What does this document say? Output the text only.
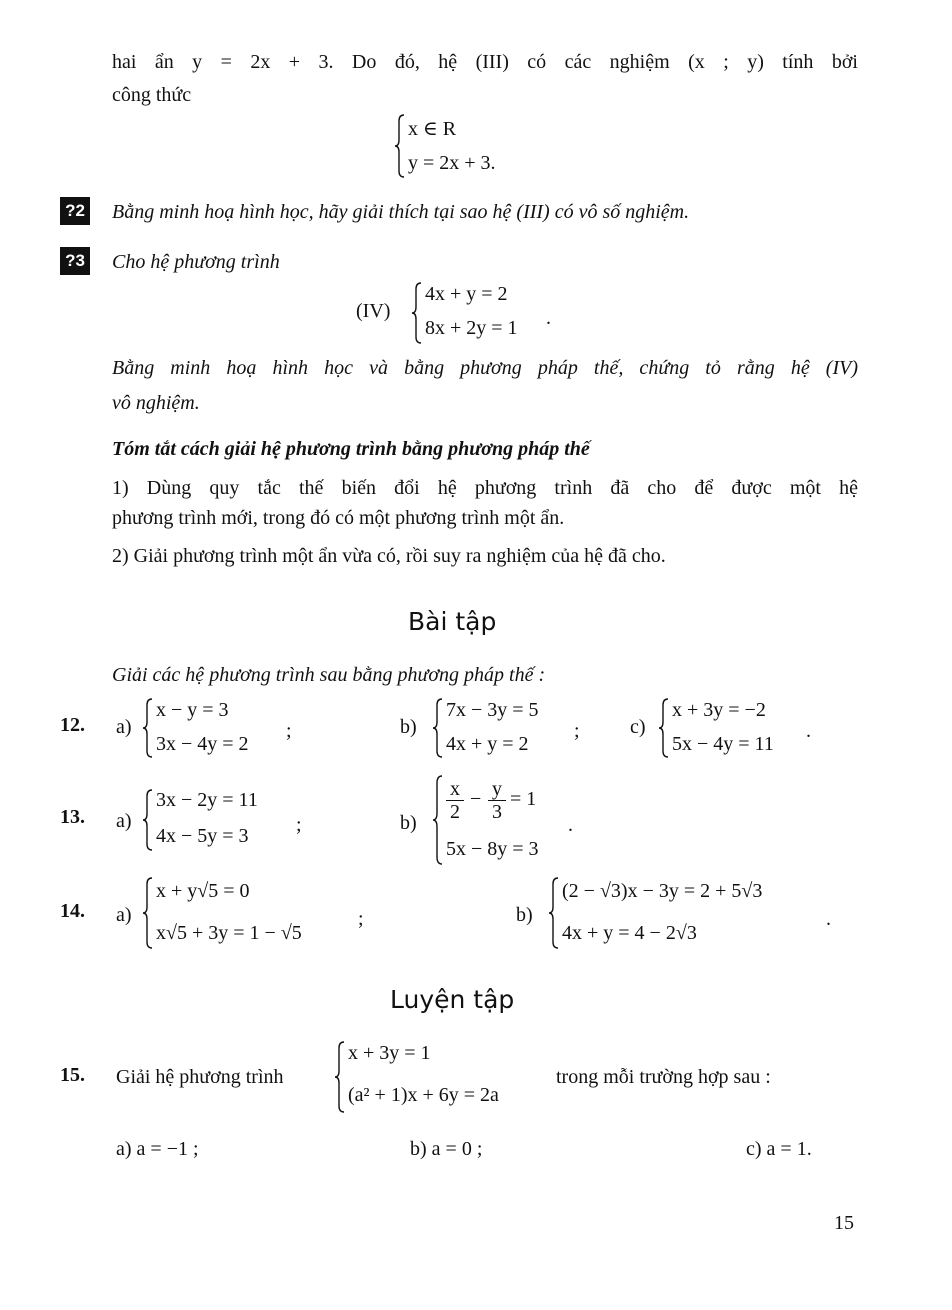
hai ẩn y = 2x + 3. Do đó, hệ (III) có các nghiệm (x ; y) tính bởi
công thức
x ∈ R
y = 2x + 3.
?2 Bằng minh hoạ hình học, hãy giải thích tại sao hệ (III) có vô số nghiệm.
?3 Cho hệ phương trình
(IV)
4x + y = 2
8x + 2y = 1 .
Bằng minh hoạ hình học và bằng phương pháp thế, chứng tỏ rằng hệ (IV)
vô nghiệm.
Tóm tắt cách giải hệ phương trình bằng phương pháp thế
1) Dùng quy tắc thế biến đổi hệ phương trình đã cho để được một hệ
phương trình mới, trong đó có một phương trình một ẩn.
2) Giải phương trình một ẩn vừa có, rồi suy ra nghiệm của hệ đã cho.
Bài tập
Giải các hệ phương trình sau bằng phương pháp thế :
12. a)
x − y = 3
3x − 4y = 2
;	b)
7x − 3y = 5
4x + y = 2
;	c)
x + 3y = −2
5x − 4y = 11
.
13. a)
3x − 2y = 11
4x − 5y = 3 ;	$b) \frac{x}{2} - \frac{y}{3} = 1$
5x − 8y = 3
.
14. a)
x + y√5 = 0
x√5 + 3y = 1 − √5
;	b)
(2 − √3)x − 3y = 2 + 5√3
4x + y = 4 − 2√3
.
Luyện tập
15. Giải hệ phương trình
x + 3y = 1
(a² + 1)x + 6y = 2a
trong mỗi trường hợp sau :
a) a = −1 ;	b) a = 0 ;	c) a = 1.
15
